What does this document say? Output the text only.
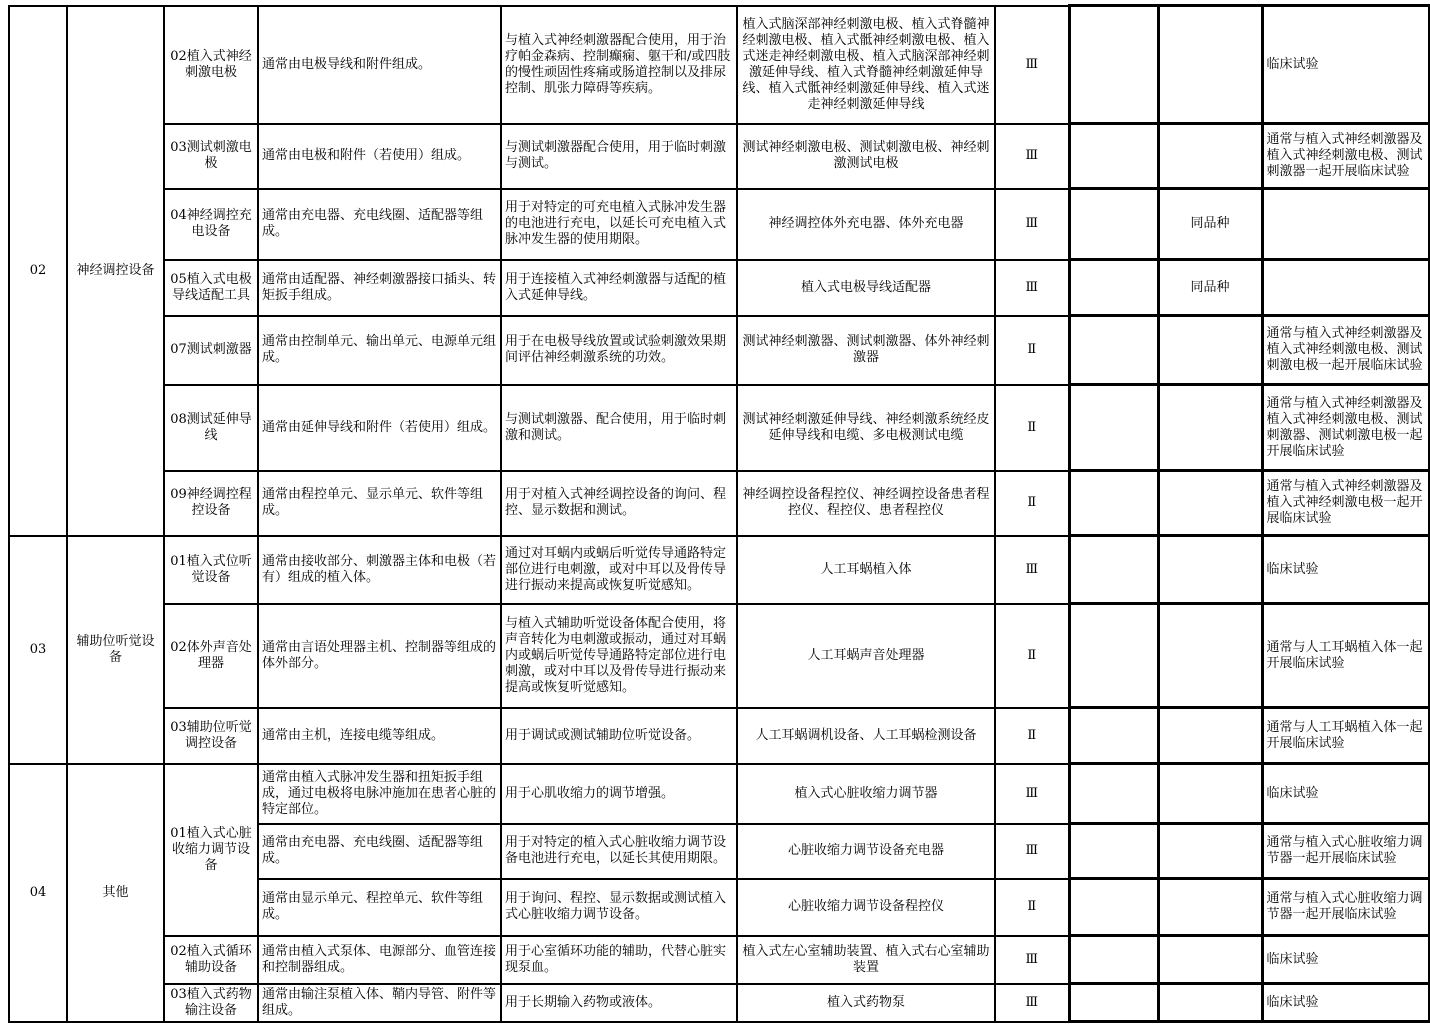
02	神经调控设备	02植入式神经刺激电极	通常由电极导线和附件组成。	与植入式神经刺激器配合使用，用于治疗帕金森病、控制癫痫、躯干和/或四肢的慢性顽固性疼痛或肠道控制以及排尿控制、肌张力障碍等疾病。	植入式脑深部神经刺激电极、植入式脊髓神经刺激电极、植入式骶神经刺激电极、植入式迷走神经刺激电极、植入式脑深部神经刺激延伸导线、植入式脊髓神经刺激延伸导线、植入式骶神经刺激延伸导线、植入式迷走神经刺激延伸导线	Ⅲ			临床试验
		03测试刺激电极	通常由电极和附件（若使用）组成。	与测试刺激器配合使用，用于临时刺激与测试。	测试神经刺激电极、测试刺激电极、神经刺激测试电极	Ⅲ			通常与植入式神经刺激器及植入式神经刺激电极、测试刺激器一起开展临床试验
		04神经调控充电设备	通常由充电器、充电线圈、适配器等组成。	用于对特定的可充电植入式脉冲发生器的电池进行充电，以延长可充电植入式脉冲发生器的使用期限。	神经调控体外充电器、体外充电器	Ⅲ		同品种	
		05植入式电极导线适配工具	通常由适配器、神经刺激器接口插头、转矩扳手组成。	用于连接植入式神经刺激器与适配的植入式延伸导线。	植入式电极导线适配器	Ⅲ		同品种	
		07测试刺激器	通常由控制单元、输出单元、电源单元组成。	用于在电极导线放置或试验刺激效果期间评估神经刺激系统的功效。	测试神经刺激器、测试刺激器、体外神经刺激器	Ⅱ			通常与植入式神经刺激器及植入式神经刺激电极、测试刺激电极一起开展临床试验
		08测试延伸导线	通常由延伸导线和附件（若使用）组成。	与测试刺激器、配合使用，用于临时刺激和测试。	测试神经刺激延伸导线、神经刺激系统经皮延伸导线和电缆、多电极测试电缆	Ⅱ			通常与植入式神经刺激器及植入式神经刺激电极、测试刺激器、测试刺激电极一起开展临床试验
		09神经调控程控设备	通常由程控单元、显示单元、软件等组成。	用于对植入式神经调控设备的询问、程控、显示数据和测试。	神经调控设备程控仪、神经调控设备患者程控仪、程控仪、患者程控仪	Ⅱ			通常与植入式神经刺激器及植入式神经刺激电极一起开展临床试验
03	辅助位听觉设备	01植入式位听觉设备	通常由接收部分、刺激器主体和电极（若有）组成的植入体。	通过对耳蜗内或蜗后听觉传导通路特定部位进行电刺激，或对中耳以及骨传导进行振动来提高或恢复听觉感知。	人工耳蜗植入体	Ⅲ			临床试验
		02体外声音处理器	通常由言语处理器主机、控制器等组成的体外部分。	与植入式辅助听觉设备体配合使用，将声音转化为电刺激或振动，通过对耳蜗内或蜗后听觉传导通路特定部位进行电刺激，或对中耳以及骨传导进行振动来提高或恢复听觉感知。	人工耳蜗声音处理器	Ⅱ			通常与人工耳蜗植入体一起开展临床试验
		03辅助位听觉调控设备	通常由主机，连接电缆等组成。	用于调试或测试辅助位听觉设备。	人工耳蜗调机设备、人工耳蜗检测设备	Ⅱ			通常与人工耳蜗植入体一起开展临床试验
04	其他	01植入式心脏收缩力调节设备	通常由植入式脉冲发生器和扭矩扳手组成，通过电极将电脉冲施加在患者心脏的特定部位。	用于心肌收缩力的调节增强。	植入式心脏收缩力调节器	Ⅲ			临床试验
			通常由充电器、充电线圈、适配器等组成。	用于对特定的植入式心脏收缩力调节设备电池进行充电，以延长其使用期限。	心脏收缩力调节设备充电器	Ⅲ			通常与植入式心脏收缩力调节器一起开展临床试验
			通常由显示单元、程控单元、软件等组成。	用于询问、程控、显示数据或测试植入式心脏收缩力调节设备。	心脏收缩力调节设备程控仪	Ⅱ			通常与植入式心脏收缩力调节器一起开展临床试验
		02植入式循环辅助设备	通常由植入式泵体、电源部分、血管连接和控制器组成。	用于心室循环功能的辅助，代替心脏实现泵血。	植入式左心室辅助装置、植入式右心室辅助装置	Ⅲ			临床试验
		03植入式药物输注设备	通常由输注泵植入体、鞘内导管、附件等组成。	用于长期输入药物或液体。	植入式药物泵	Ⅲ			临床试验
